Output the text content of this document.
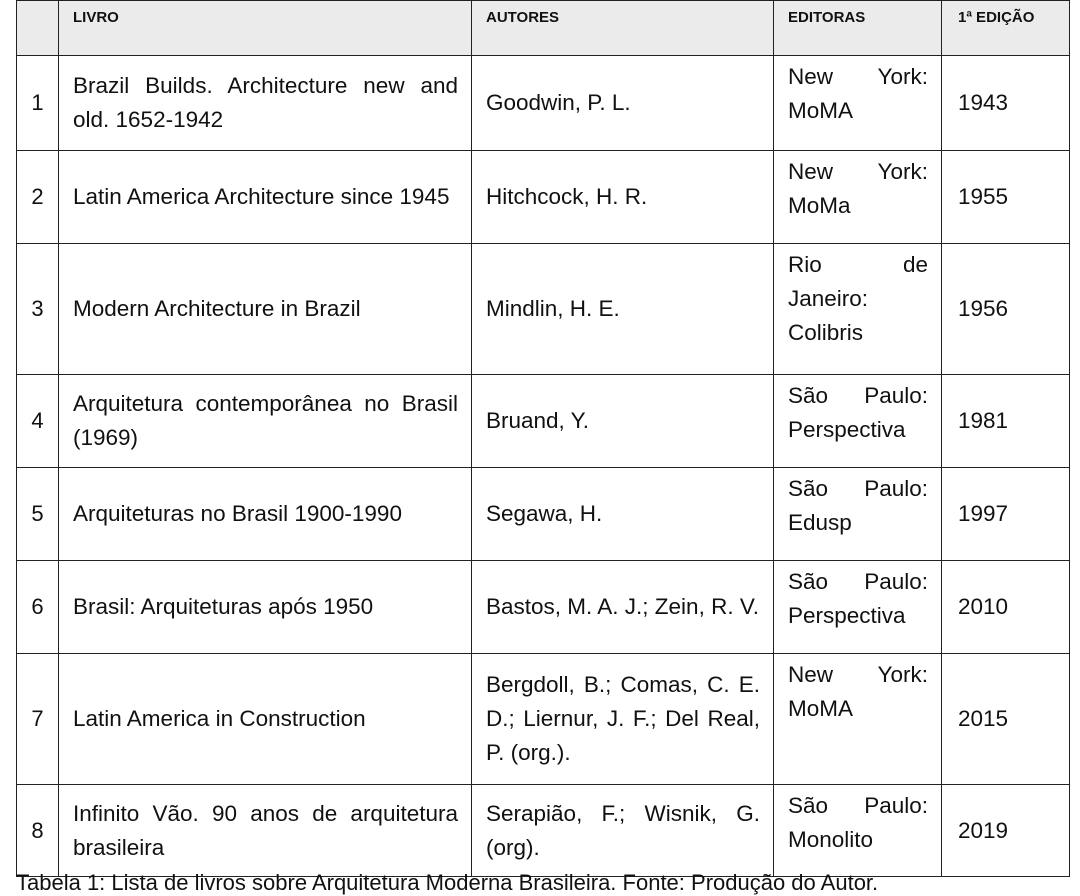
	LIVRO	AUTORES	EDITORAS	1ª EDIÇÃO

1	Brazil Builds. Architecture new and old. 1652-1942	Goodwin, P. L.	New York: MoMA	1943
2	Latin America Architecture since 1945	Hitchcock, H. R.	New York: MoMa	1955
3	Modern Architecture in Brazil	Mindlin, H. E.	Rio de Janeiro: Colibris	1956
4	Arquitetura contemporânea no Brasil (1969)	Bruand, Y.	São Paulo: Perspectiva	1981
5	Arquiteturas no Brasil 1900-1990	Segawa, H.	São Paulo: Edusp	1997
6	Brasil: Arquiteturas após 1950	Bastos, M. A. J.; Zein, R. V.	São Paulo: Perspectiva	2010
7	Latin America in Construction	Bergdoll, B.; Comas, C. E. D.; Liernur, J. F.; Del Real, P. (org.).	New York: MoMA	2015
8	Infinito Vão. 90 anos de arquitetura brasileira	Serapião, F.; Wisnik, G. (org).	São Paulo: Monolito	2019
Tabela 1: Lista de livros sobre Arquitetura Moderna Brasileira. Fonte: Produção do Autor.
